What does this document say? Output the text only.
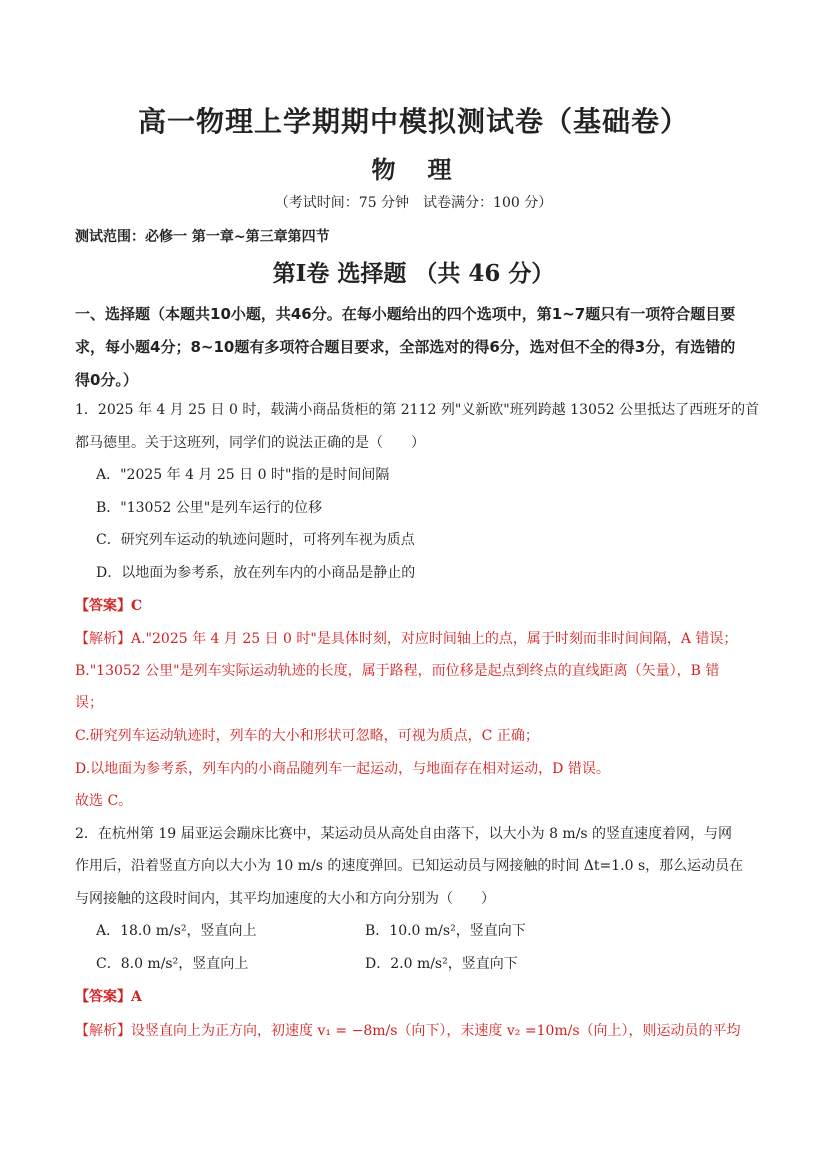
高一物理上学期期中模拟测试卷（基础卷）
物理
（考试时间：75 分钟　试卷满分：100 分）
测试范围：必修一 第一章~第三章第四节
第Ⅰ卷 选择题 （共 46 分）
一、选择题（本题共10小题，共46分。在每小题给出的四个选项中，第1~7题只有一项符合题目要
求，每小题4分；8~10题有多项符合题目要求，全部选对的得6分，选对但不全的得3分，有选错的
得0分。）
1．2025 年 4 月 25 日 0 时，载满小商品货柜的第 2112 列"义新欧"班列跨越 13052 公里抵达了西班牙的首
都马德里。关于这班列，同学们的说法正确的是（　　）
A．"2025 年 4 月 25 日 0 时"指的是时间间隔
B．"13052 公里"是列车运行的位移
C．研究列车运动的轨迹问题时，可将列车视为质点
D．以地面为参考系，放在列车内的小商品是静止的
【答案】C
【解析】A."2025 年 4 月 25 日 0 时"是具体时刻，对应时间轴上的点，属于时刻而非时间间隔，A 错误；
B."13052 公里"是列车实际运动轨迹的长度，属于路程，而位移是起点到终点的直线距离（矢量），B 错
误；
C.研究列车运动轨迹时，列车的大小和形状可忽略，可视为质点，C 正确；
D.以地面为参考系，列车内的小商品随列车一起运动，与地面存在相对运动，D 错误。
故选 C。
2．在杭州第 19 届亚运会蹦床比赛中，某运动员从高处自由落下，以大小为 8 m/s 的竖直速度着网，与网
作用后，沿着竖直方向以大小为 10 m/s 的速度弹回。已知运动员与网接触的时间 Δt=1.0 s，那么运动员在
与网接触的这段时间内，其平均加速度的大小和方向分别为（　　）
A．18.0 m/s²，竖直向上	B．10.0 m/s²，竖直向下
C．8.0 m/s²，竖直向上	D．2.0 m/s²，竖直向下
【答案】A
【解析】设竖直向上为正方向，初速度 v₁ = −8m/s（向下），末速度 v₂ =10m/s（向上），则运动员的平均
